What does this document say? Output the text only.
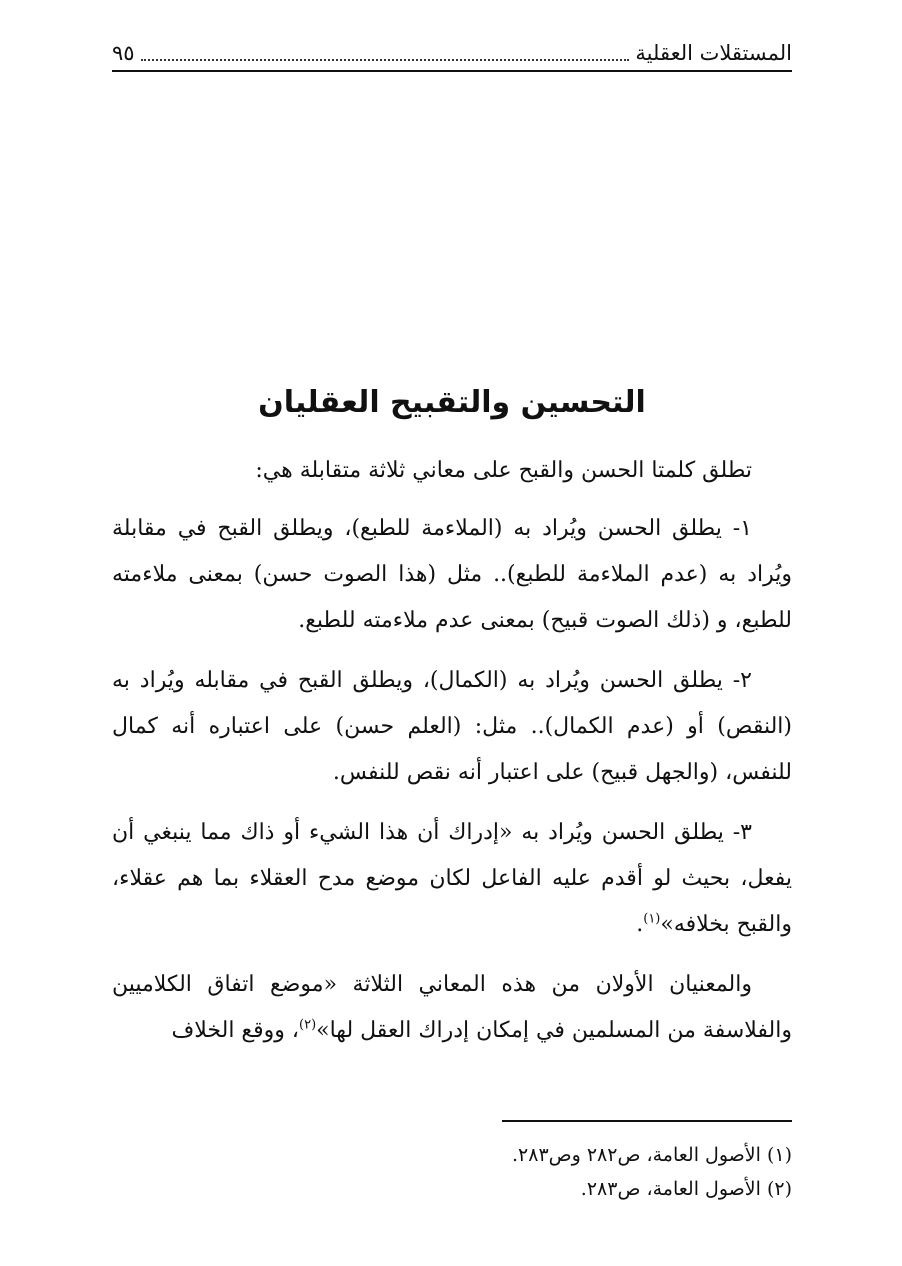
المستقلات العقلية
٩٥
التحسين والتقبيح العقليان

تطلق كلمتا الحسن والقبح على معاني ثلاثة متقابلة هي:

١- يطلق الحسن ويُراد به (الملاءمة للطبع)، ويطلق القبح في مقابلة ويُراد به (عدم الملاءمة للطبع).. مثل (هذا الصوت حسن) بمعنى ملاءمته للطبع، و (ذلك الصوت قبيح) بمعنى عدم ملاءمته للطبع.

٢- يطلق الحسن ويُراد به (الكمال)، ويطلق القبح في مقابله ويُراد به (النقص) أو (عدم الكمال).. مثل: (العلم حسن) على اعتباره أنه كمال للنفس، (والجهل قبيح) على اعتبار أنه نقص للنفس.

٣- يطلق الحسن ويُراد به «إدراك أن هذا الشيء أو ذاك مما ينبغي أن يفعل، بحيث لو أقدم عليه الفاعل لكان موضع مدح العقلاء بما هم عقلاء، والقبح بخلافه»$^{(١)}$.

والمعنيان الأولان من هذه المعاني الثلاثة «موضع اتفاق الكلاميين والفلاسفة من المسلمين في إمكان إدراك العقل لها»$^{(٢)}$، ووقع الخلاف

(١) الأصول العامة، ص٢٨٢ وص٢٨٣.
(٢) الأصول العامة، ص٢٨٣.
